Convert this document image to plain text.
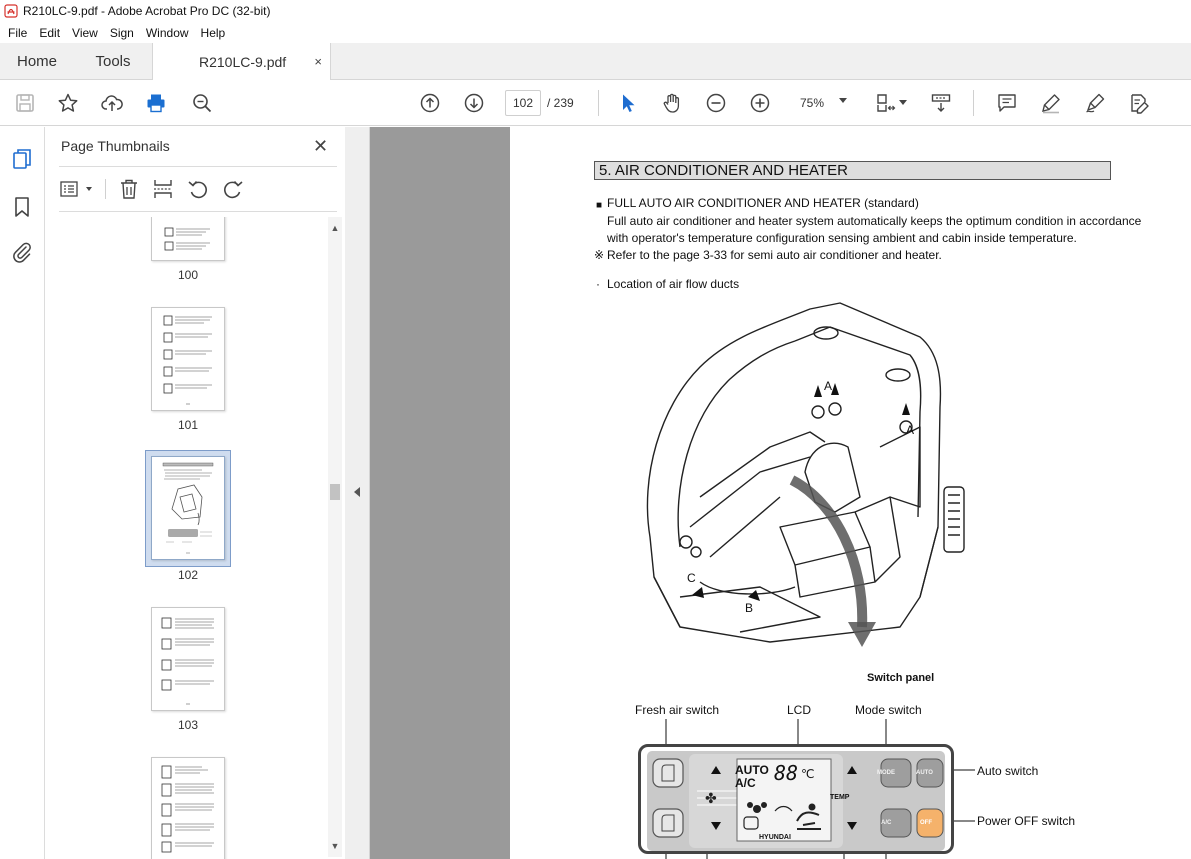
R210LC-9.pdf - Adobe Acrobat Pro DC (32-bit)
File	Edit	View	Sign	Window	Help
Home	Tools	R210LC-9.pdf ×
102	/ 239	75%
Page Thumbnails	✕
100
101
102
103
▲
▼
5. AIR CONDITIONER AND HEATER
■ FULL AUTO AIR CONDITIONER AND HEATER (standard)
Full auto air conditioner and heater system automatically keeps the optimum condition in accordance
with operator's temperature configuration sensing ambient and cabin inside temperature.
※ Refer to the page 3-33 for semi auto air conditioner and heater.
· Location of air flow ducts
A
A
C
B
Switch panel
Fresh air switch	LCD	Mode switch
Auto switch
Power OFF switch
AUTO
A/C 88 ℃
TEMP
MODE	AUTO
A/C	OFF
HYUNDAI
✤
